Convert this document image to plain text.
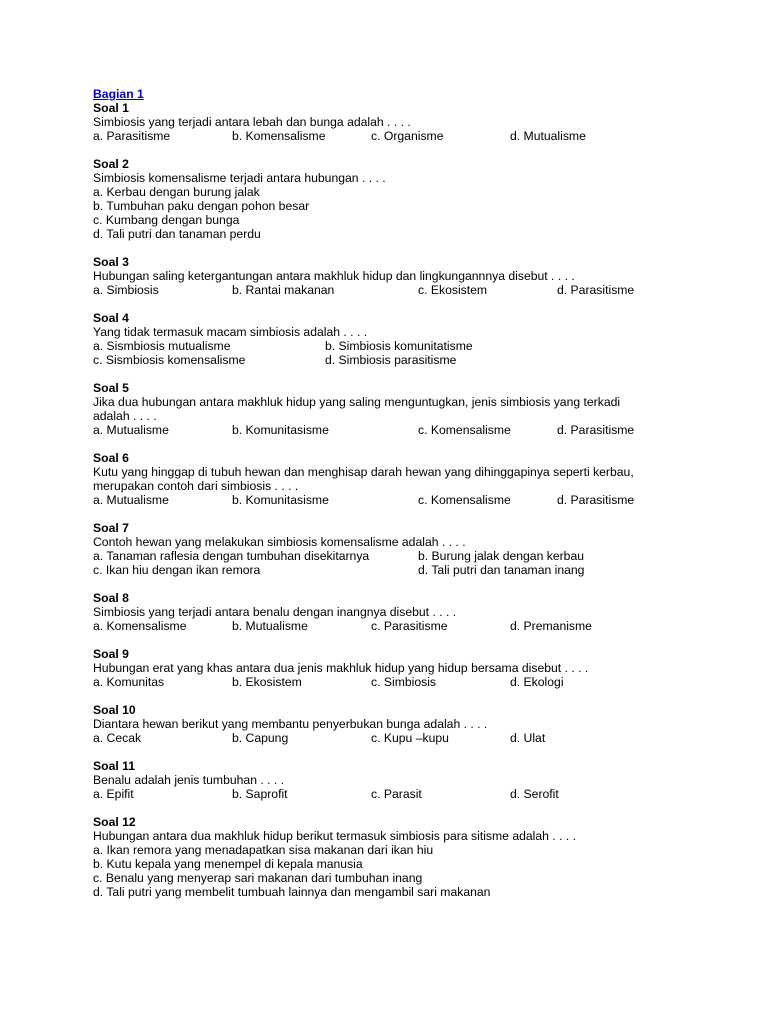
Bagian 1
Soal 1
Simbiosis yang terjadi antara lebah dan bunga adalah . . . .
a. Parasitisme	b. Komensalisme	c. Organisme	d. Mutualisme
Soal 2
Simbiosis komensalisme terjadi antara hubungan . . . .
a. Kerbau dengan burung jalak
b. Tumbuhan paku dengan pohon besar
c. Kumbang dengan bunga
d. Tali putri dan tanaman perdu
Soal 3
Hubungan saling ketergantungan antara makhluk hidup dan lingkungannnya disebut . . . .
a. Simbiosis	b. Rantai makanan	c. Ekosistem	d. Parasitisme
Soal 4
Yang tidak termasuk macam simbiosis adalah . . . .
a. Sismbiosis mutualisme	b. Simbiosis komunitatisme
c. Sismbiosis komensalisme	d. Simbiosis parasitisme
Soal 5
Jika dua hubungan antara makhluk hidup yang saling menguntugkan, jenis simbiosis yang terkadi
adalah . . . .
a. Mutualisme	b. Komunitasisme	c. Komensalisme	d. Parasitisme
Soal 6
Kutu yang hinggap di tubuh hewan dan menghisap darah hewan yang dihinggapinya seperti kerbau,
merupakan contoh dari simbiosis . . . .
a. Mutualisme	b. Komunitasisme	c. Komensalisme	d. Parasitisme
Soal 7
Contoh hewan yang melakukan simbiosis komensalisme adalah . . . .
a. Tanaman raflesia dengan tumbuhan disekitarnya	b. Burung jalak dengan kerbau
c. Ikan hiu dengan ikan remora	d. Tali putri dan tanaman inang
Soal 8
Simbiosis yang terjadi antara benalu dengan inangnya disebut . . . .
a. Komensalisme	b. Mutualisme	c. Parasitisme	d. Premanisme
Soal 9
Hubungan erat yang khas antara dua jenis makhluk hidup yang hidup bersama disebut . . . .
a. Komunitas	b. Ekosistem	c. Simbiosis	d. Ekologi
Soal 10
Diantara hewan berikut yang membantu penyerbukan bunga adalah . . . .
a. Cecak	b. Capung	c. Kupu –kupu	d. Ulat
Soal 11
Benalu adalah jenis tumbuhan . . . .
a. Epifit	b. Saprofit	c. Parasit	d. Serofit
Soal 12
Hubungan antara dua makhluk hidup berikut termasuk simbiosis para sitisme adalah . . . .
a. Ikan remora yang menadapatkan sisa makanan dari ikan hiu
b. Kutu kepala yang menempel di kepala manusia
c. Benalu yang menyerap sari makanan dari tumbuhan inang
d. Tali putri yang membelit tumbuah lainnya dan mengambil sari makanan
